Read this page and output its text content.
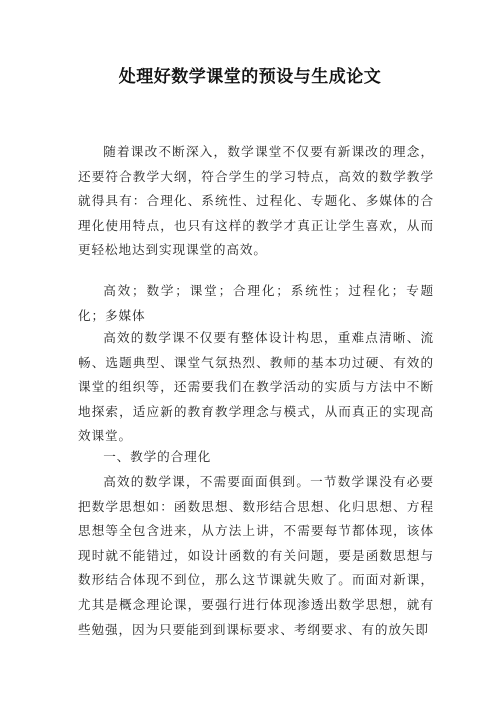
处理好数学课堂的预设与生成论文
随着课改不断深入，数学课堂不仅要有新课改的理念，还要符合教学大纲，符合学生的学习特点，高效的数学教学就得具有：合理化、系统性、过程化、专题化、多媒体的合理化使用特点，也只有这样的教学才真正让学生喜欢，从而更轻松地达到实现课堂的高效。
高效；数学；课堂；合理化；系统性；过程化；专题化；多媒体
高效的数学课不仅要有整体设计构思，重难点清晰、流畅、选题典型、课堂气氛热烈、教师的基本功过硬、有效的课堂的组织等，还需要我们在教学活动的实质与方法中不断地探索，适应新的教育教学理念与模式，从而真正的实现高效课堂。
一、教学的合理化
高效的数学课，不需要面面俱到。一节数学课没有必要把数学思想如：函数思想、数形结合思想、化归思想、方程思想等全包含进来，从方法上讲，不需要每节都体现，该体现时就不能错过，如设计函数的有关问题，要是函数思想与数形结合体现不到位，那么这节课就失败了。而面对新课，尤其是概念理论课，要强行进行体现渗透出数学思想，就有些勉强，因为只要能到到课标要求、考纲要求、有的放矢即
